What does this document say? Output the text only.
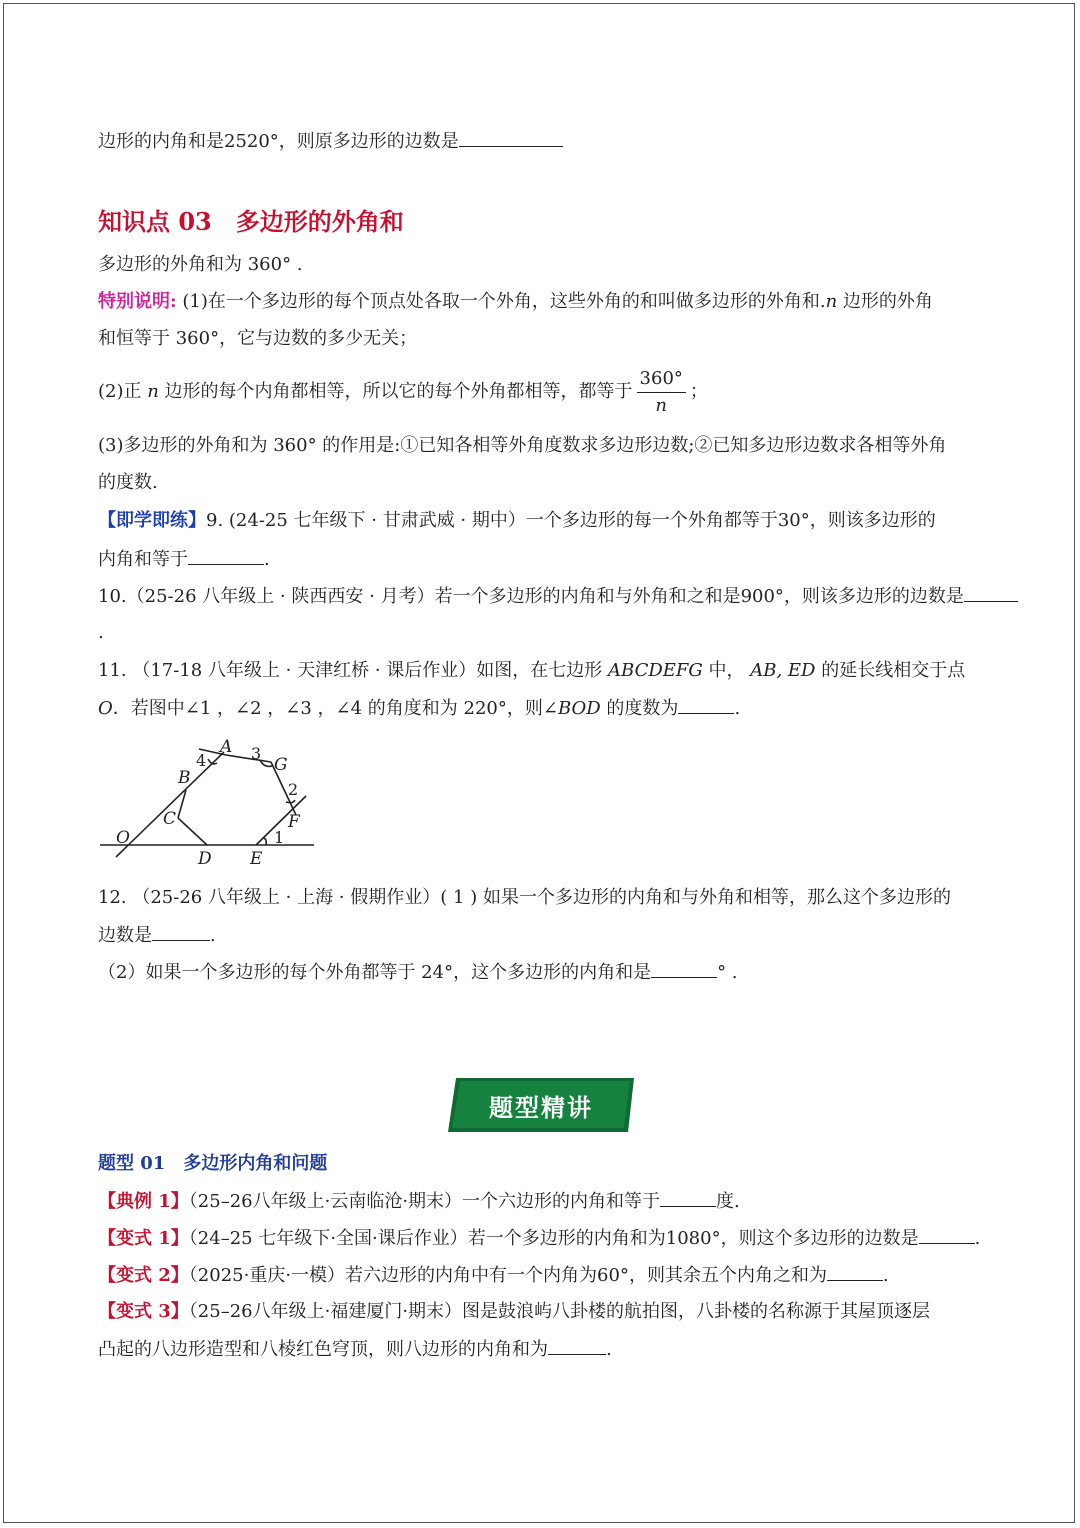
边形的内角和是2520°，则原多边形的边数是
知识点 03　多边形的外角和
多边形的外角和为 360° .
特别说明: (1)在一个多边形的每个顶点处各取一个外角，这些外角的和叫做多边形的外角和.n 边形的外角
和恒等于 360°，它与边数的多少无关；
(2)正 n 边形的每个内角都相等，所以它的每个外角都相等，都等于 $\frac{360^\circ}{n}$ ；
(3)多边形的外角和为 360° 的作用是:①已知各相等外角度数求多边形边数;②已知多边形边数求各相等外角
的度数.
【即学即练】9. (24-25 七年级下 · 甘肃武威 · 期中）一个多边形的每一个外角都等于30°，则该多边形的
内角和等于	.
10.（25-26 八年级上 · 陕西西安 · 月考）若一个多边形的内角和与外角和之和是900°，则该多边形的边数是
.
11. （17-18 八年级上 · 天津红桥 · 课后作业）如图，在七边形 ABCDEFG 中， AB, ED 的延长线相交于点
O．若图中∠1 ，∠2 ，∠3 ，∠4 的角度和为 220°，则∠BOD 的度数为	.
A
B
C
D E
F
G
O	1
2
3
4
12. （25-26 八年级上 · 上海 · 假期作业）( 1 ) 如果一个多边形的内角和与外角和相等，那么这个多边形的
边数是	.
（2）如果一个多边形的每个外角都等于 24°，这个多边形的内角和是	° .
题型精讲
题型 01　多边形内角和问题
【典例 1】（25–26八年级上·云南临沧·期末）一个六边形的内角和等于	度.
【变式 1】（24–25 七年级下·全国·课后作业）若一个多边形的内角和为1080°，则这个多边形的边数是	.
【变式 2】（2025·重庆·一模）若六边形的内角中有一个内角为60°，则其余五个内角之和为	.
【变式 3】（25–26八年级上·福建厦门·期末）图是鼓浪屿八卦楼的航拍图，八卦楼的名称源于其屋顶逐层
凸起的八边形造型和八棱红色穹顶，则八边形的内角和为	.
